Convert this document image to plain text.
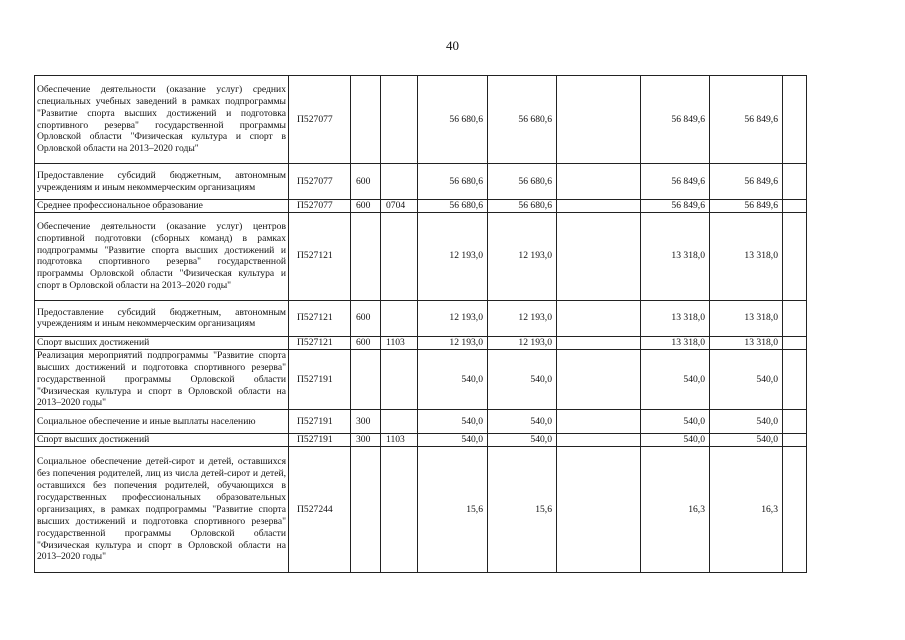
40
Обеспечение деятельности (оказание услуг) средних специальных учебных заведений в рамках подпрограммы "Развитие спорта высших достижений и подготовка спортивного резерва" государственной программы Орловской области "Физическая культура и спорт в Орловской области на 2013–2020 годы"	П527077			56 680,6	56 680,6		56 849,6	56 849,6	
Предоставление субсидий бюджетным, автономным учреждениям и иным некоммерческим организациям	П527077	600		56 680,6	56 680,6		56 849,6	56 849,6	
Среднее профессиональное образование	П527077	600	0704	56 680,6	56 680,6		56 849,6	56 849,6	
Обеспечение деятельности (оказание услуг) центров спортивной подготовки (сборных команд) в рамках подпрограммы "Развитие спорта высших достижений и подготовка спортивного резерва" государственной программы Орловской области "Физическая культура и спорт в Орловской области на 2013–2020 годы"	П527121			12 193,0	12 193,0		13 318,0	13 318,0	
Предоставление субсидий бюджетным, автономным учреждениям и иным некоммерческим организациям	П527121	600		12 193,0	12 193,0		13 318,0	13 318,0	
Спорт высших достижений	П527121	600	1103	12 193,0	12 193,0		13 318,0	13 318,0	
Реализация мероприятий подпрограммы "Развитие спорта высших достижений и подготовка спортивного резерва" государственной программы Орловской области "Физическая культура и спорт в Орловской области на 2013–2020 годы"	П527191			540,0	540,0		540,0	540,0	
Социальное обеспечение и иные выплаты населению	П527191	300		540,0	540,0		540,0	540,0	
Спорт высших достижений	П527191	300	1103	540,0	540,0		540,0	540,0	
Социальное обеспечение детей-сирот и детей, оставшихся без попечения родителей, лиц из числа детей-сирот и детей, оставшихся без попечения родителей, обучающихся в государственных профессиональных образовательных организациях, в рамках подпрограммы "Развитие спорта высших достижений и подготовка спортивного резерва" государственной программы Орловской области "Физическая культура и спорт в Орловской области на 2013–2020 годы"	П527244			15,6	15,6		16,3	16,3	
